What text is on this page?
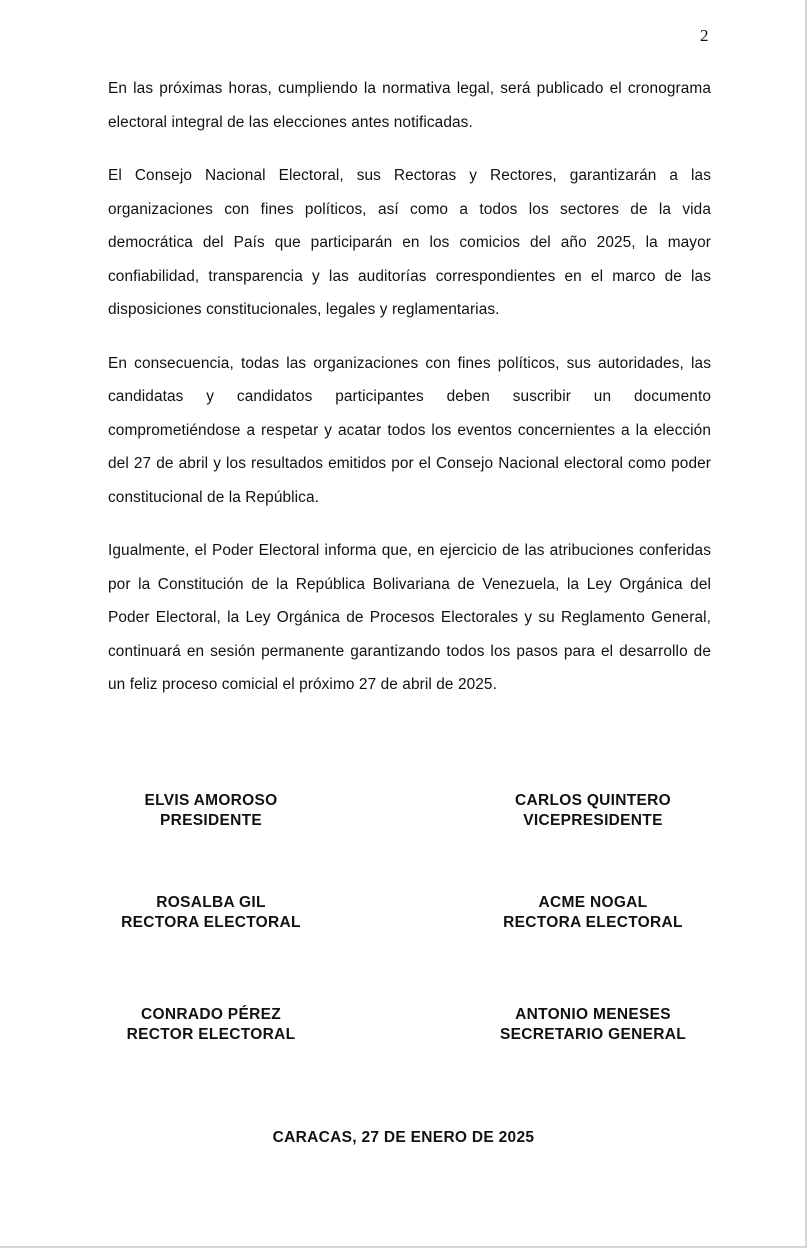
2

En las próximas horas, cumpliendo la normativa legal, será publicado el cronograma electoral integral de las elecciones antes notificadas.

El Consejo Nacional Electoral, sus Rectoras y Rectores, garantizarán a las organizaciones con fines políticos, así como a todos los sectores de la vida democrática del País que participarán en los comicios del año 2025, la mayor confiabilidad, transparencia y las auditorías correspondientes en el marco de las disposiciones constitucionales, legales y reglamentarias.

En consecuencia, todas las organizaciones con fines políticos, sus autoridades, las candidatas y candidatos participantes deben suscribir un documento comprometiéndose a respetar y acatar todos los eventos concernientes a la elección del 27 de abril y los resultados emitidos por el Consejo Nacional electoral como poder constitucional de la República.

Igualmente, el Poder Electoral informa que, en ejercicio de las atribuciones conferidas por la Constitución de la República Bolivariana de Venezuela, la Ley Orgánica del Poder Electoral, la Ley Orgánica de Procesos Electorales y su Reglamento General, continuará en sesión permanente garantizando todos los pasos para el desarrollo de un feliz proceso comicial el próximo 27 de abril de 2025.

ELVIS AMOROSO
PRESIDENTE
CARLOS QUINTERO
VICEPRESIDENTE
ROSALBA GIL
RECTORA ELECTORAL
ACME NOGAL
RECTORA ELECTORAL
CONRADO PÉREZ
RECTOR ELECTORAL
ANTONIO MENESES
SECRETARIO GENERAL
CARACAS, 27 DE ENERO DE 2025
